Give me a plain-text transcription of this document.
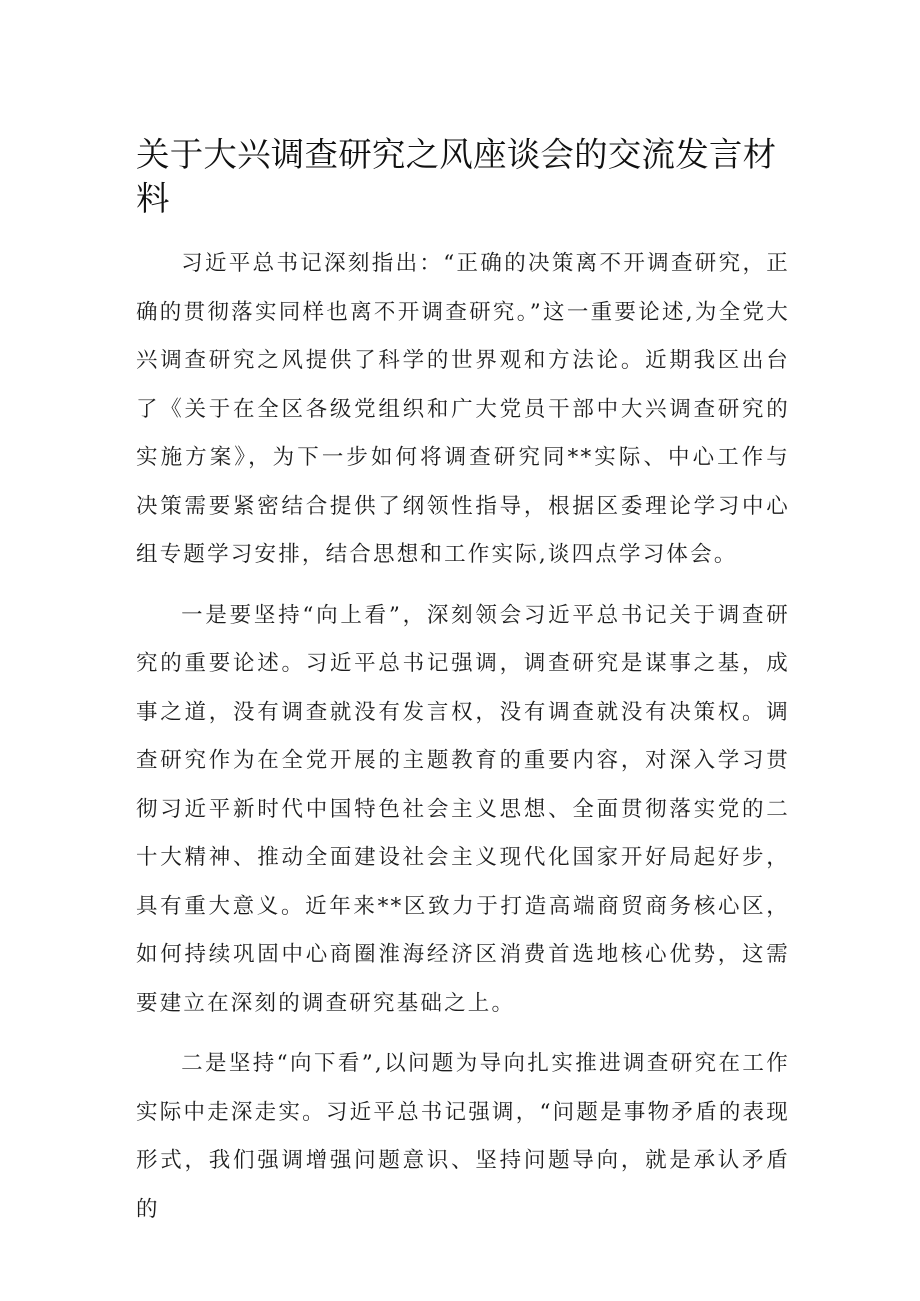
关于大兴调查研究之风座谈会的交流发言材料

习近平总书记深刻指出：“正确的决策离不开调查研究，正确的贯彻落实同样也离不开调查研究。”这一重要论述,为全党大兴调查研究之风提供了科学的世界观和方法论。近期我区出台了《关于在全区各级党组织和广大党员干部中大兴调查研究的实施方案》，为下一步如何将调查研究同**实际、中心工作与决策需要紧密结合提供了纲领性指导，根据区委理论学习中心组专题学习安排，结合思想和工作实际,谈四点学习体会。

一是要坚持“向上看”，深刻领会习近平总书记关于调查研究的重要论述。习近平总书记强调，调查研究是谋事之基，成事之道，没有调查就没有发言权，没有调查就没有决策权。调查研究作为在全党开展的主题教育的重要内容，对深入学习贯彻习近平新时代中国特色社会主义思想、全面贯彻落实党的二十大精神、推动全面建设社会主义现代化国家开好局起好步，具有重大意义。近年来**区致力于打造高端商贸商务核心区，如何持续巩固中心商圈淮海经济区消费首选地核心优势，这需要建立在深刻的调查研究基础之上。

二是坚持“向下看”,以问题为导向扎实推进调查研究在工作实际中走深走实。习近平总书记强调，“问题是事物矛盾的表现形式，我们强调增强问题意识、坚持问题导向，就是承认矛盾的
